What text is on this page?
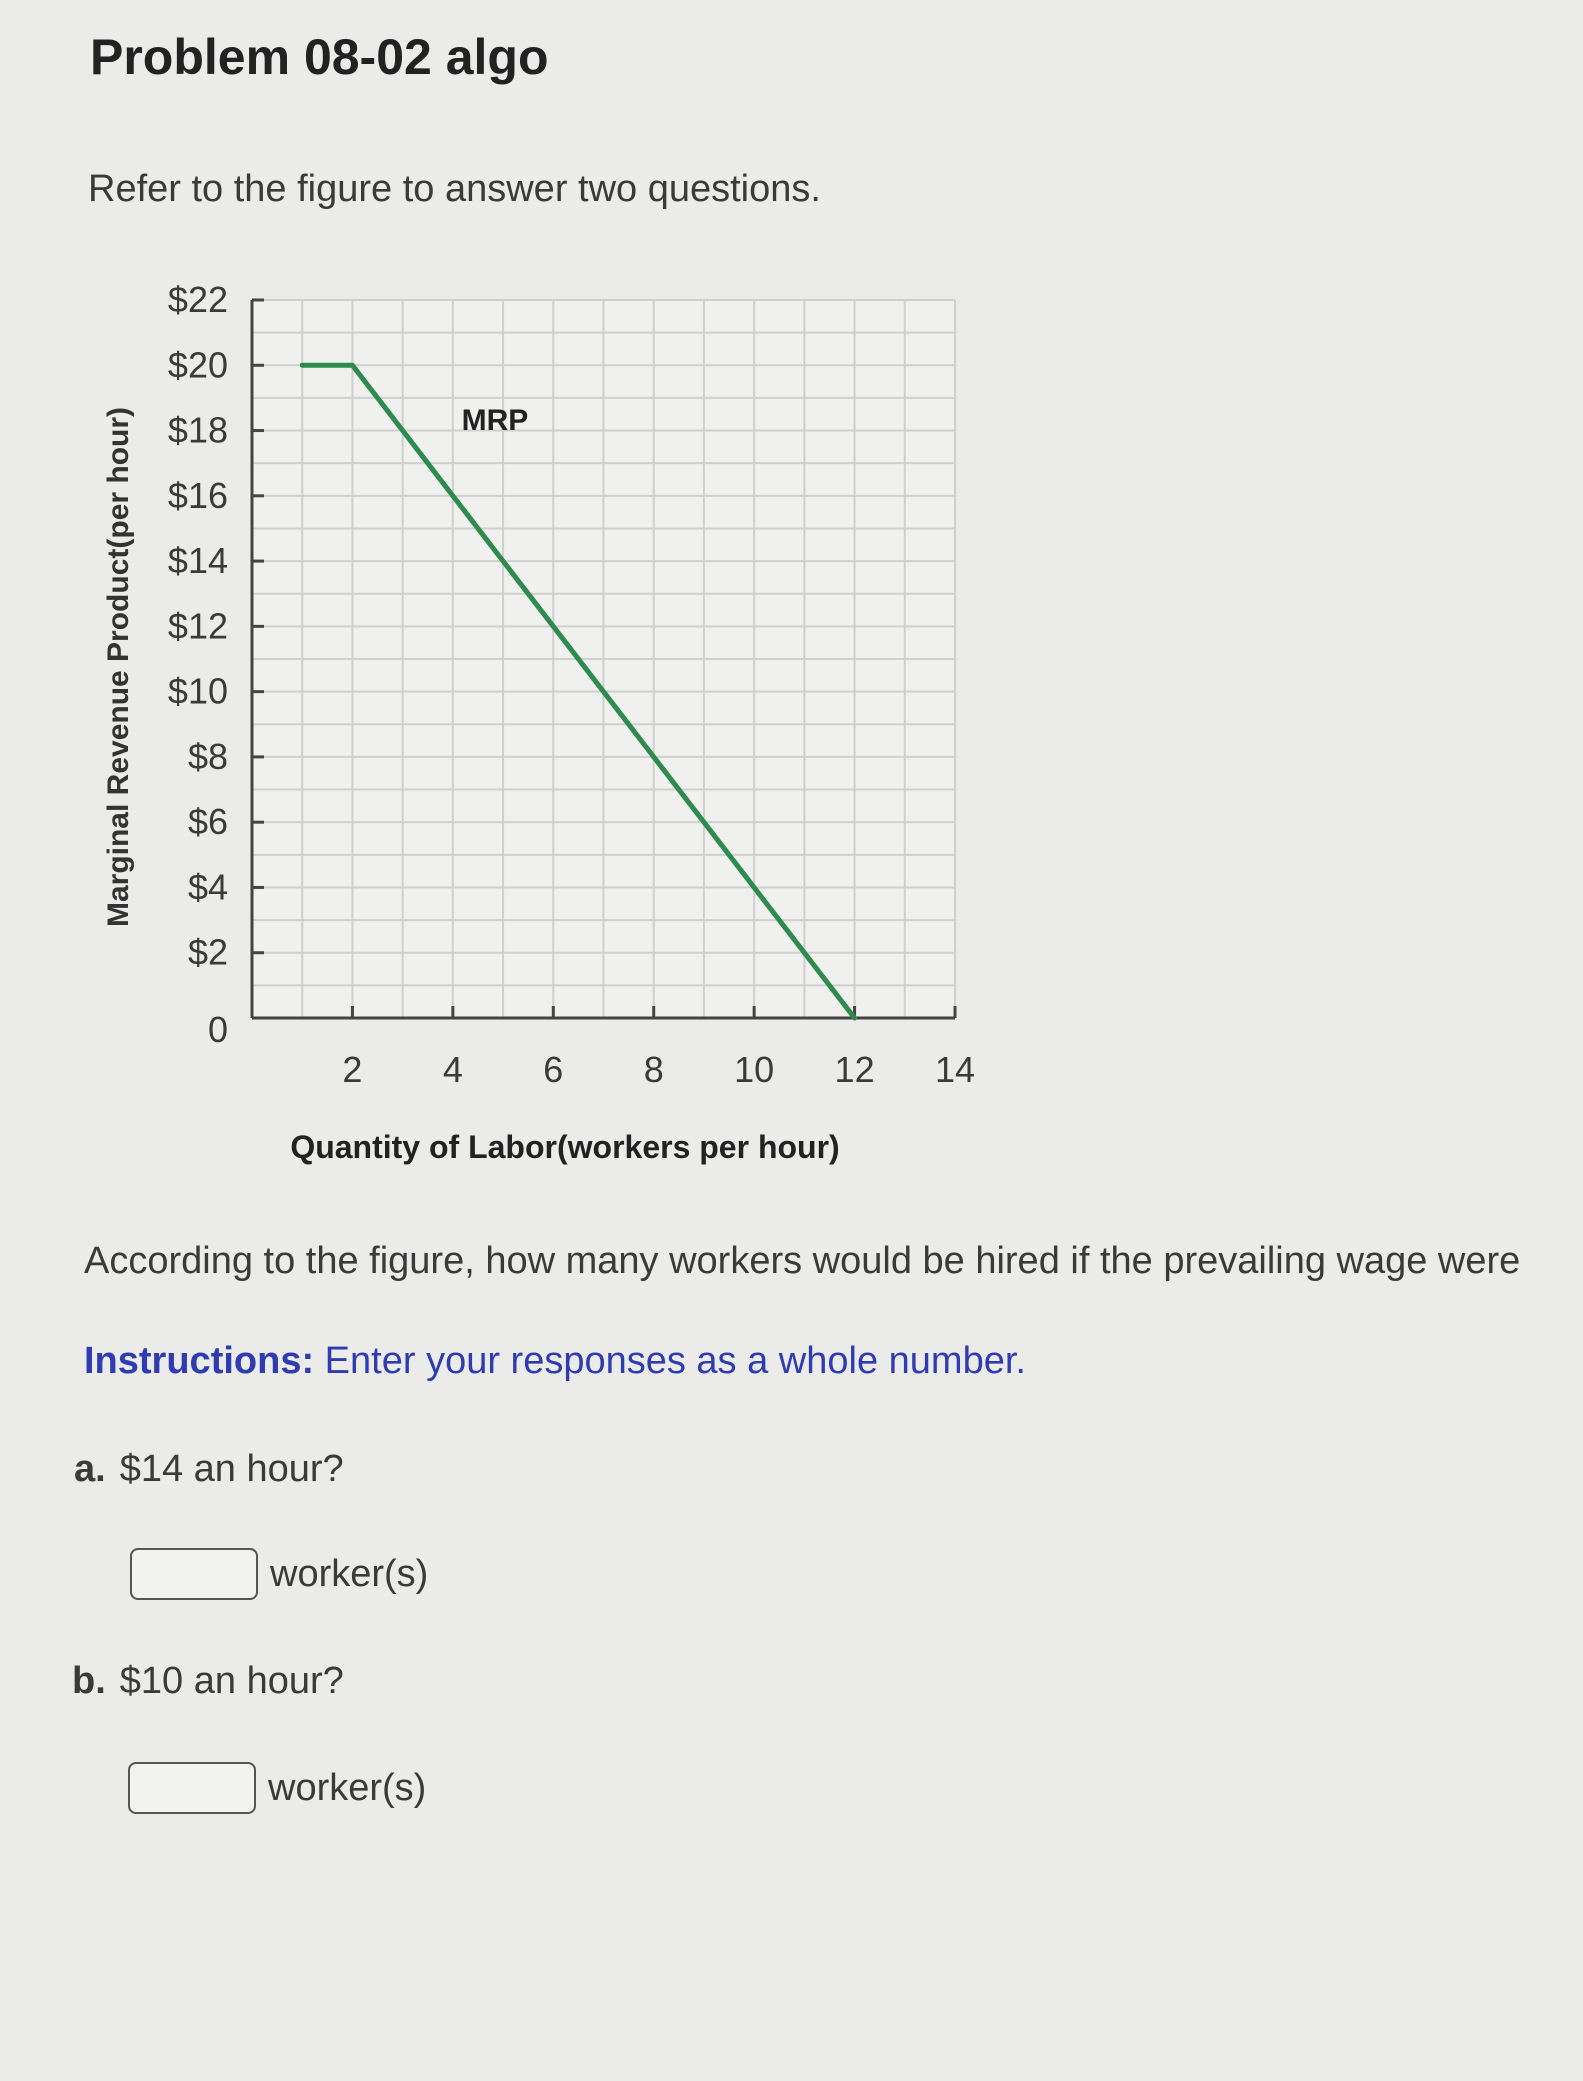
Problem 08-02 algo
Refer to the figure to answer two questions.
$22
$20
$18
$16
$14
$12
$10
$8
$6
$4
$2
2 4 6 8 10 12 14
0
Marginal Revenue Product(per hour)
Quantity of Labor(workers per hour)
MRP
According to the figure, how many workers would be hired if the prevailing wage were
Instructions: Enter your responses as a whole number.
a. $14 an hour?
worker(s)
b. $10 an hour?
worker(s)
